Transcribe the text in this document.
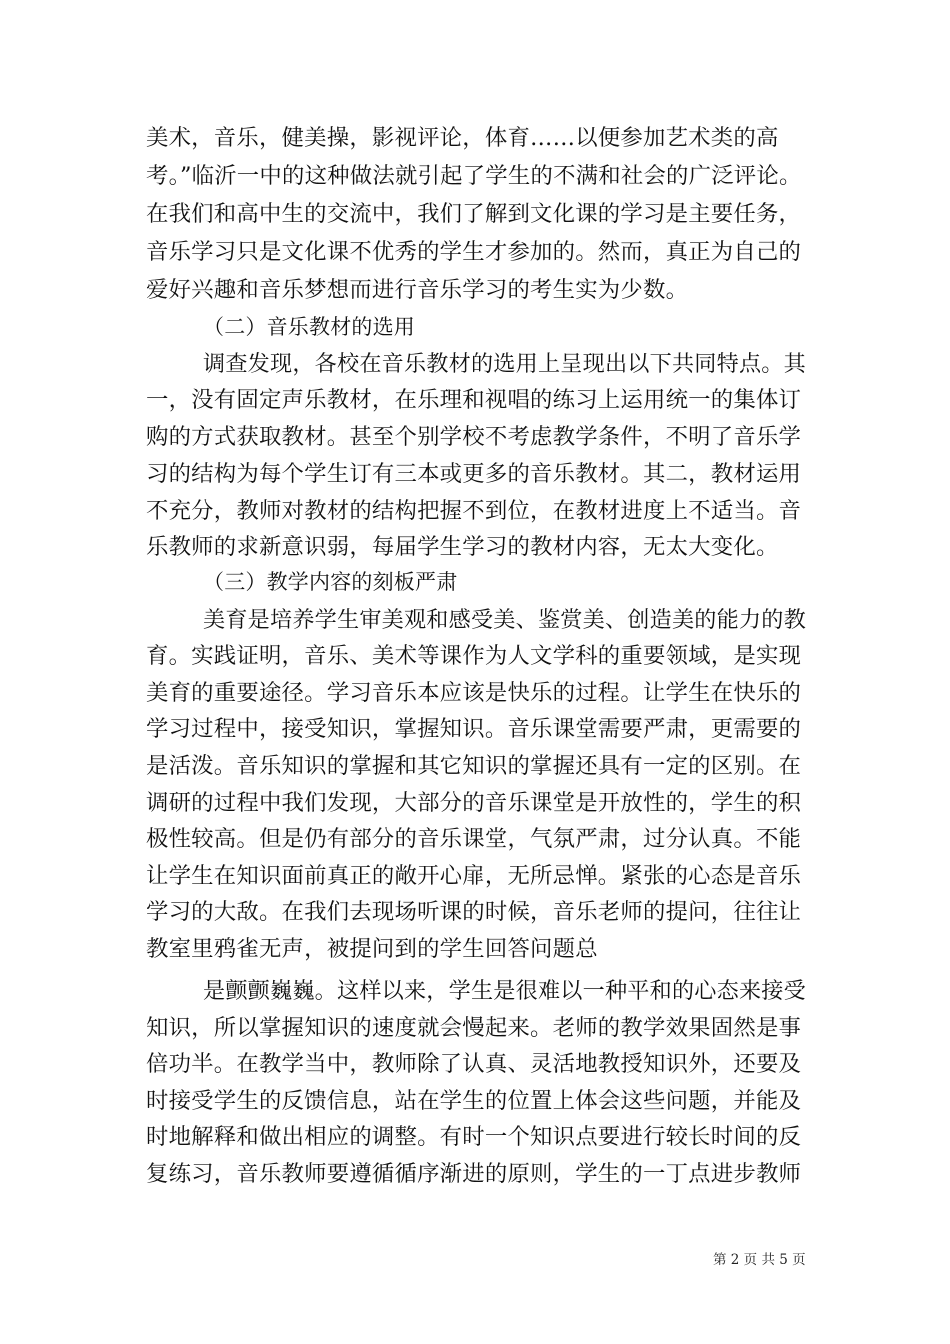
美术，音乐，健美操，影视评论，体育……以便参加艺术类的高
考。”临沂一中的这种做法就引起了学生的不满和社会的广泛评论。
在我们和高中生的交流中，我们了解到文化课的学习是主要任务，
音乐学习只是文化课不优秀的学生才参加的。然而，真正为自己的
爱好兴趣和音乐梦想而进行音乐学习的考生实为少数。
（二）音乐教材的选用
调查发现，各校在音乐教材的选用上呈现出以下共同特点。其
一，没有固定声乐教材，在乐理和视唱的练习上运用统一的集体订
购的方式获取教材。甚至个别学校不考虑教学条件，不明了音乐学
习的结构为每个学生订有三本或更多的音乐教材。其二，教材运用
不充分，教师对教材的结构把握不到位，在教材进度上不适当。音
乐教师的求新意识弱，每届学生学习的教材内容，无太大变化。
（三）教学内容的刻板严肃
美育是培养学生审美观和感受美、鉴赏美、创造美的能力的教
育。实践证明，音乐、美术等课作为人文学科的重要领域，是实现
美育的重要途径。学习音乐本应该是快乐的过程。让学生在快乐的
学习过程中，接受知识，掌握知识。音乐课堂需要严肃，更需要的
是活泼。音乐知识的掌握和其它知识的掌握还具有一定的区别。在
调研的过程中我们发现，大部分的音乐课堂是开放性的，学生的积
极性较高。但是仍有部分的音乐课堂，气氛严肃，过分认真。不能
让学生在知识面前真正的敞开心扉，无所忌惮。紧张的心态是音乐
学习的大敌。在我们去现场听课的时候，音乐老师的提问，往往让
教室里鸦雀无声，被提问到的学生回答问题总
是颤颤巍巍。这样以来，学生是很难以一种平和的心态来接受
知识，所以掌握知识的速度就会慢起来。老师的教学效果固然是事
倍功半。在教学当中，教师除了认真、灵活地教授知识外，还要及
时接受学生的反馈信息，站在学生的位置上体会这些问题，并能及
时地解释和做出相应的调整。有时一个知识点要进行较长时间的反
复练习，音乐教师要遵循循序渐进的原则，学生的一丁点进步教师
第 2 页 共 5 页
